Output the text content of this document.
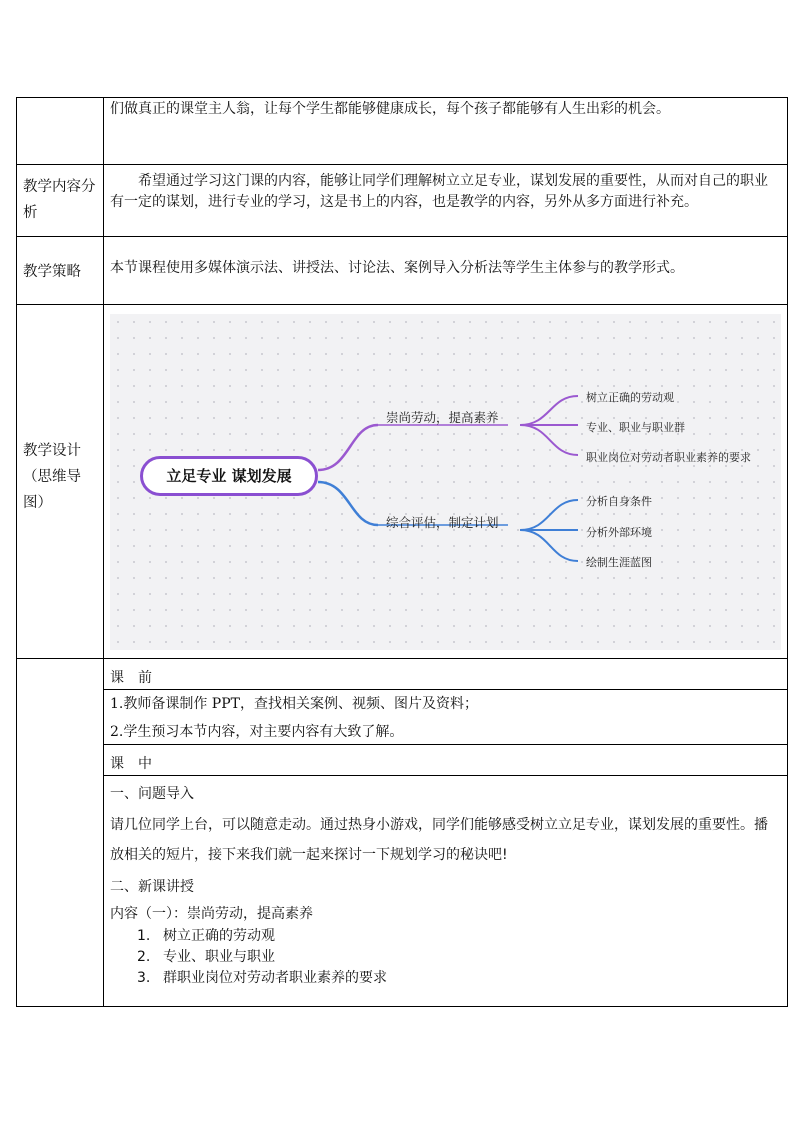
们做真正的课堂主人翁，让每个学生都能够健康成长，每个孩子都能够有人生出彩的机会。
教学内容分析
　　希望通过学习这门课的内容，能够让同学们理解树立立足专业，谋划发展的重要性，从而对自己的职业有一定的谋划，进行专业的学习，这是书上的内容，也是教学的内容，另外从多方面进行补充。
教学策略	本节课程使用多媒体演示法、讲授法、讨论法、案例导入分析法等学生主体参与的教学形式。
教学设计（思维导图）
立足专业 谋划发展
崇尚劳动，提高素养
综合评估，制定计划
树立正确的劳动观
专业、职业与职业群
职业岗位对劳动者职业素养的要求
分析自身条件
分析外部环境
绘制生涯蓝图
课　前
1.教师备课制作 PPT，查找相关案例、视频、图片及资料；
2.学生预习本节内容，对主要内容有大致了解。
课　中
一、问题导入
请几位同学上台，可以随意走动。通过热身小游戏，同学们能够感受树立立足专业，谋划发展的重要性。播放相关的短片，接下来我们就一起来探讨一下规划学习的秘诀吧!
二、新课讲授
内容（一）：崇尚劳动，提高素养
1. 树立正确的劳动观
2. 专业、职业与职业
3. 群职业岗位对劳动者职业素养的要求
